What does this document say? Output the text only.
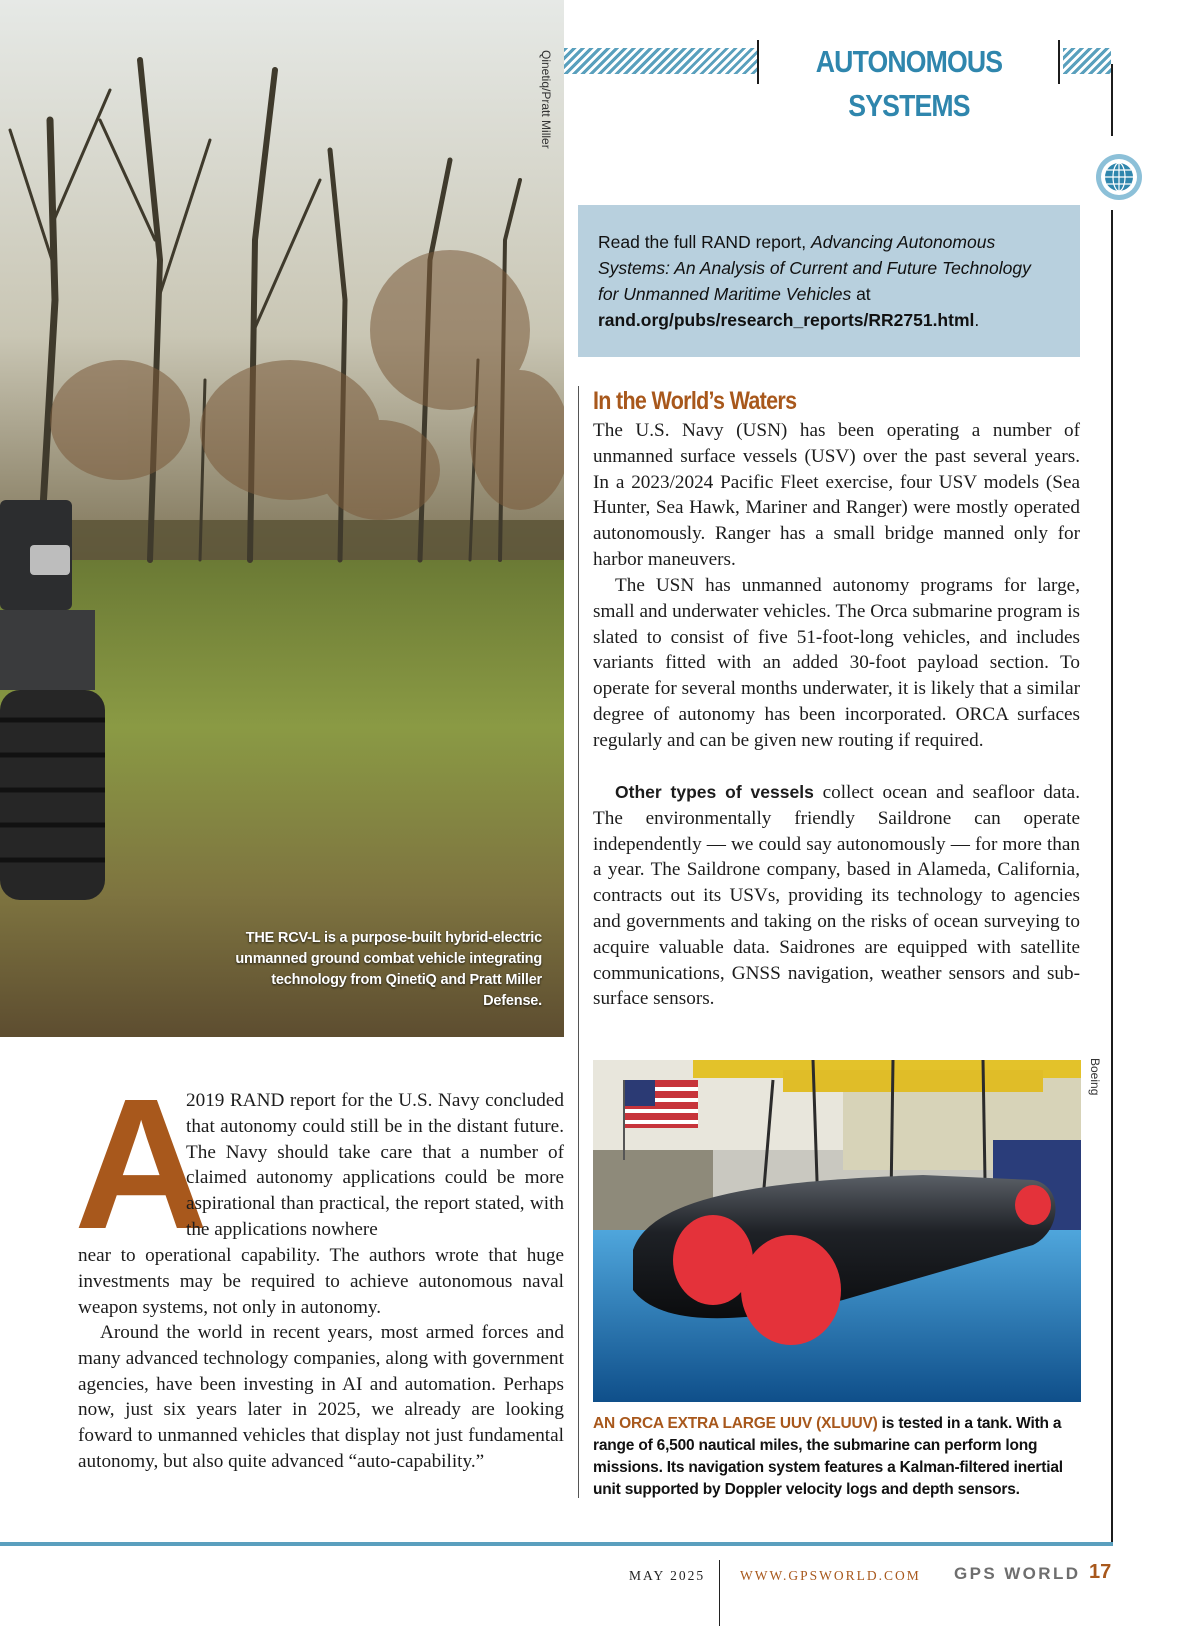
THE RCV-L is a purpose-built hybrid-electric unmanned ground combat vehicle integrating technology from QinetiQ and Pratt Miller Defense.
Qinetiq/Pratt Miller	AUTONOMOUS SYSTEMS
Read the full RAND report, Advancing Autonomous Systems: An Analysis of Current and Future Technology for Unmanned Maritime Vehicles at rand.org/pubs/research_reports/RR2751.html.
In the World’s Waters

The U.S. Navy (USN) has been operating a number of unmanned surface vessels (USV) over the past several years. In a 2023/2024 Pacific Fleet exercise, four USV models (Sea Hunter, Sea Hawk, Mariner and Ranger) were mostly operated autonomously. Ranger has a small bridge manned only for harbor maneuvers.

The USN has unmanned autonomy programs for large, small and underwater vehicles. The Orca submarine program is slated to consist of five 51-foot-long vehicles, and includes variants fitted with an added 30-foot payload section. To operate for several months underwater, it is likely that a similar degree of autonomy has been incorporated. ORCA surfaces regularly and can be given new routing if required.

Other types of vessels collect ocean and seafloor data. The environmentally friendly Saildrone can operate independently — we could say autonomously — for more than a year. The Saildrone company, based in Alameda, California, contracts out its USVs, providing its technology to agencies and governments and taking on the risks of ocean surveying to acquire valuable data. Saidrones are equipped with satellite communications, GNSS navigation, weather sensors and sub-surface sensors.

Boeing
AN ORCA EXTRA LARGE UUV (XLUUV) is tested in a tank. With a range of 6,500 nautical miles, the submarine can perform long missions. Its navigation system features a Kalman-filtered inertial unit supported by Doppler velocity logs and depth sensors.
A

2019 RAND report for the U.S. Navy concluded that autonomy could still be in the distant future. The Navy should take care that a number of claimed autonomy applications could be more aspirational than practical, the report stated, with the applications nowhere

near to operational capability. The authors wrote that huge investments may be required to achieve autonomous naval weapon systems, not only in autonomy.

Around the world in recent years, most armed forces and many advanced technology companies, along with government agencies, have been investing in AI and automation. Perhaps now, just six years later in 2025, we already are looking foward to unmanned vehicles that display not just fundamental autonomy, but also quite advanced “auto-capability.”

MAY 2025	WWW.GPSWORLD.COM GPS WORLD 17
